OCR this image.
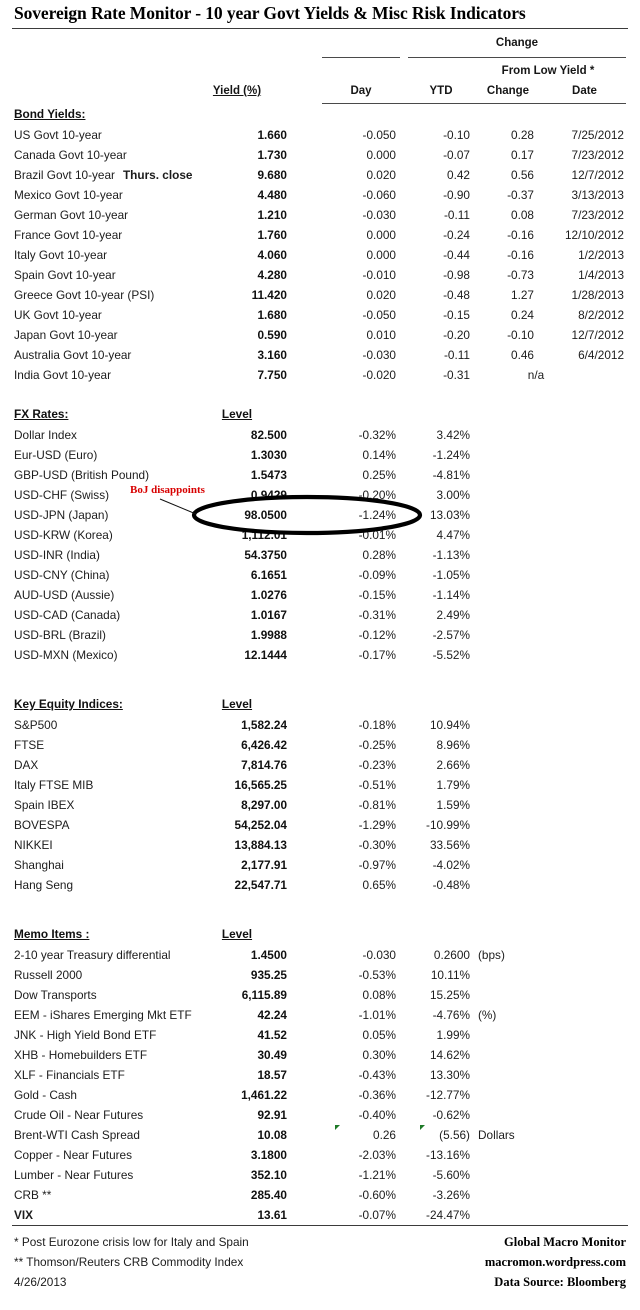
Sovereign Rate Monitor - 10 year Govt Yields & Misc Risk Indicators
Change
From Low Yield *
Yield (%)	Day	YTD	Change	Date
Bond Yields:
US Govt 10-year	1.660	-0.050	-0.10	0.28	7/25/2012
Canada Govt 10-year	1.730	0.000	-0.07	0.17	7/23/2012
Brazil Govt 10-year Thurs. close	9.680	0.020	0.42	0.56	12/7/2012
Mexico Govt 10-year	4.480	-0.060	-0.90	-0.37	3/13/2013
German Govt 10-year	1.210	-0.030	-0.11	0.08	7/23/2012
France Govt 10-year	1.760	0.000	-0.24	-0.16	12/10/2012
Italy Govt 10-year	4.060	0.000	-0.44	-0.16	1/2/2013
Spain Govt 10-year	4.280	-0.010	-0.98	-0.73	1/4/2013
Greece Govt 10-year (PSI)	11.420	0.020	-0.48	1.27	1/28/2013
UK Govt 10-year	1.680	-0.050	-0.15	0.24	8/2/2012
Japan Govt 10-year	0.590	0.010	-0.20	-0.10	12/7/2012
Australia Govt 10-year	3.160	-0.030	-0.11	0.46	6/4/2012
India Govt 10-year	7.750	-0.020	-0.31	n/a
FX Rates:	Level
Dollar Index	82.500	-0.32%	3.42%
Eur-USD (Euro)	1.3030	0.14%	-1.24%
GBP-USD (British Pound)	1.5473	0.25%	-4.81%
USD-CHF (Swiss)	0.9429	-0.20%	3.00%
USD-JPN (Japan)	98.0500	-1.24%	13.03%
USD-KRW (Korea)	1,112.01	-0.01%	4.47%
USD-INR (India)	54.3750	0.28%	-1.13%
USD-CNY (China)	6.1651	-0.09%	-1.05%
AUD-USD (Aussie)	1.0276	-0.15%	-1.14%
USD-CAD (Canada)	1.0167	-0.31%	2.49%
USD-BRL (Brazil)	1.9988	-0.12%	-2.57%
USD-MXN (Mexico)	12.1444	-0.17%	-5.52%
Key Equity Indices:	Level
S&P500	1,582.24	-0.18%	10.94%
FTSE	6,426.42	-0.25%	8.96%
DAX	7,814.76	-0.23%	2.66%
Italy FTSE MIB	16,565.25	-0.51%	1.79%
Spain IBEX	8,297.00	-0.81%	1.59%
BOVESPA	54,252.04	-1.29%	-10.99%
NIKKEI	13,884.13	-0.30%	33.56%
Shanghai	2,177.91	-0.97%	-4.02%
Hang Seng	22,547.71	0.65%	-0.48%
Memo Items :	Level
2-10 year Treasury differential	1.4500	-0.030	0.2600 (bps)
Russell 2000	935.25	-0.53%	10.11%
Dow Transports	6,115.89	0.08%	15.25%
EEM - iShares Emerging Mkt ETF	42.24	-1.01%	-4.76% (%)
JNK - High Yield Bond ETF	41.52	0.05%	1.99%
XHB - Homebuilders ETF	30.49	0.30%	14.62%
XLF - Financials ETF	18.57	-0.43%	13.30%
Gold - Cash	1,461.22	-0.36%	-12.77%
Crude Oil - Near Futures	92.91	-0.40%	-0.62%
Brent-WTI Cash Spread	10.08	0.26	(5.56) Dollars
Copper - Near Futures	3.1800	-2.03%	-13.16%
Lumber - Near Futures	352.10	-1.21%	-5.60%
CRB **	285.40	-0.60%	-3.26%
VIX	13.61	-0.07%	-24.47%
BoJ disappoints
* Post Eurozone crisis low for Italy and Spain
** Thomson/Reuters CRB Commodity Index
4/26/2013
Global Macro Monitor
macromon.wordpress.com
Data Source: Bloomberg
